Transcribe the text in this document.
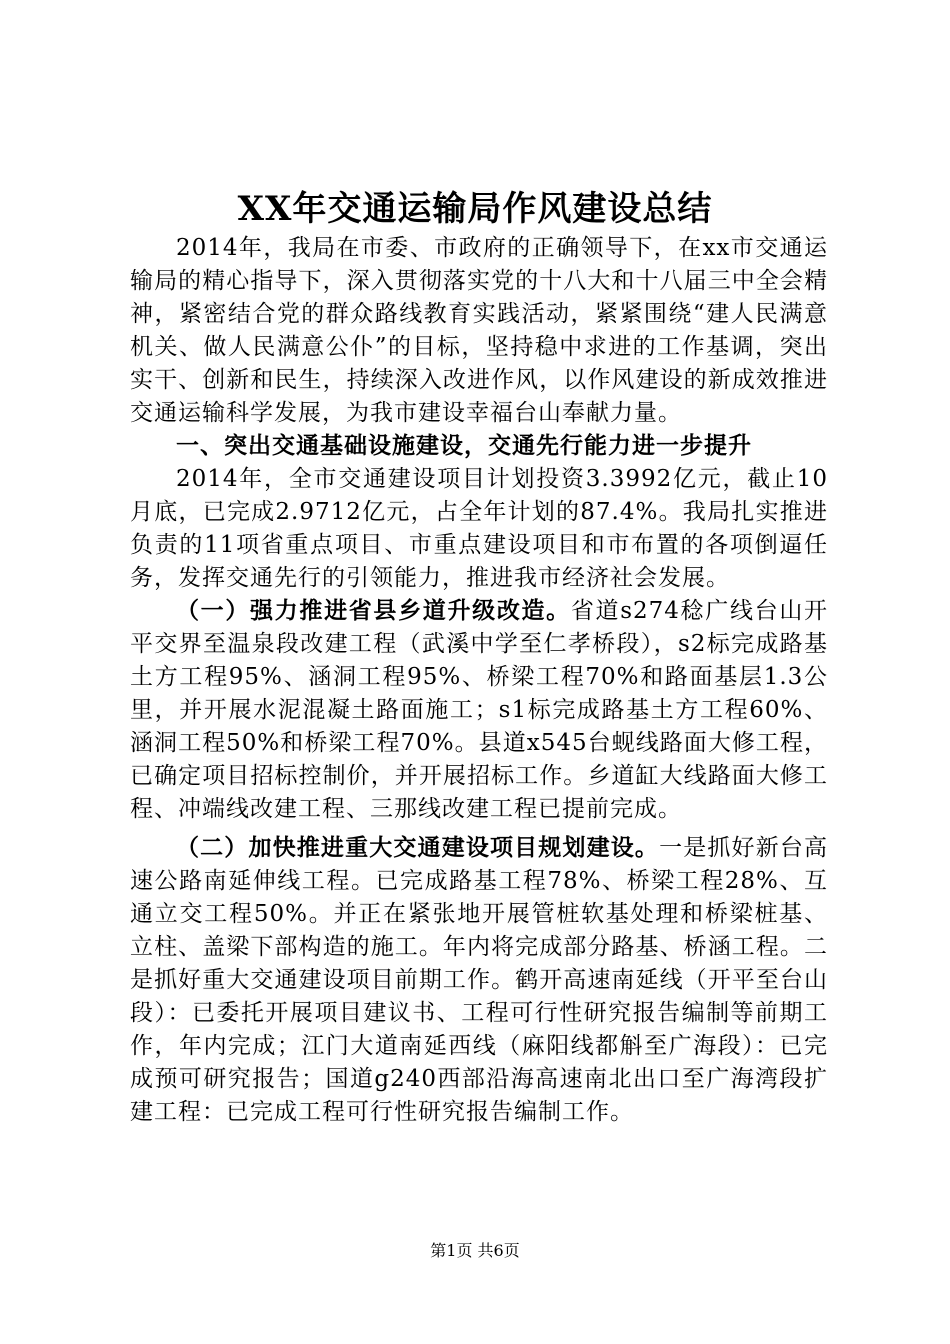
XX年交通运输局作风建设总结

2014年，我局在市委、市政府的正确领导下，在xx市交通运输局的精心指导下，深入贯彻落实党的十八大和十八届三中全会精神，紧密结合党的群众路线教育实践活动，紧紧围绕“建人民满意机关、做人民满意公仆”的目标，坚持稳中求进的工作基调，突出实干、创新和民生，持续深入改进作风，以作风建设的新成效推进交通运输科学发展，为我市建设幸福台山奉献力量。

一、突出交通基础设施建设，交通先行能力进一步提升

2014年，全市交通建设项目计划投资3.3992亿元，截止10月底，已完成2.9712亿元，占全年计划的87.4%。我局扎实推进负责的11项省重点项目、市重点建设项目和市布置的各项倒逼任务，发挥交通先行的引领能力，推进我市经济社会发展。

（一）强力推进省县乡道升级改造。省道s274稔广线台山开平交界至温泉段改建工程（武溪中学至仁孝桥段），s2标完成路基土方工程95%、涵洞工程95%、桥梁工程70%和路面基层1.3公里，并开展水泥混凝土路面施工；s1标完成路基土方工程60%、涵洞工程50%和桥梁工程70%。县道x545台蚬线路面大修工程，已确定项目招标控制价，并开展招标工作。乡道缸大线路面大修工程、冲端线改建工程、三那线改建工程已提前完成。

（二）加快推进重大交通建设项目规划建设。一是抓好新台高速公路南延伸线工程。已完成路基工程78%、桥梁工程28%、互通立交工程50%。并正在紧张地开展管桩软基处理和桥梁桩基、立柱、盖梁下部构造的施工。年内将完成部分路基、桥涵工程。二是抓好重大交通建设项目前期工作。鹤开高速南延线（开平至台山段）：已委托开展项目建议书、工程可行性研究报告编制等前期工作，年内完成；江门大道南延西线（麻阳线都斛至广海段）：已完成预可研究报告；国道g240西部沿海高速南北出口至广海湾段扩建工程：已完成工程可行性研究报告编制工作。

第1页 共6页
